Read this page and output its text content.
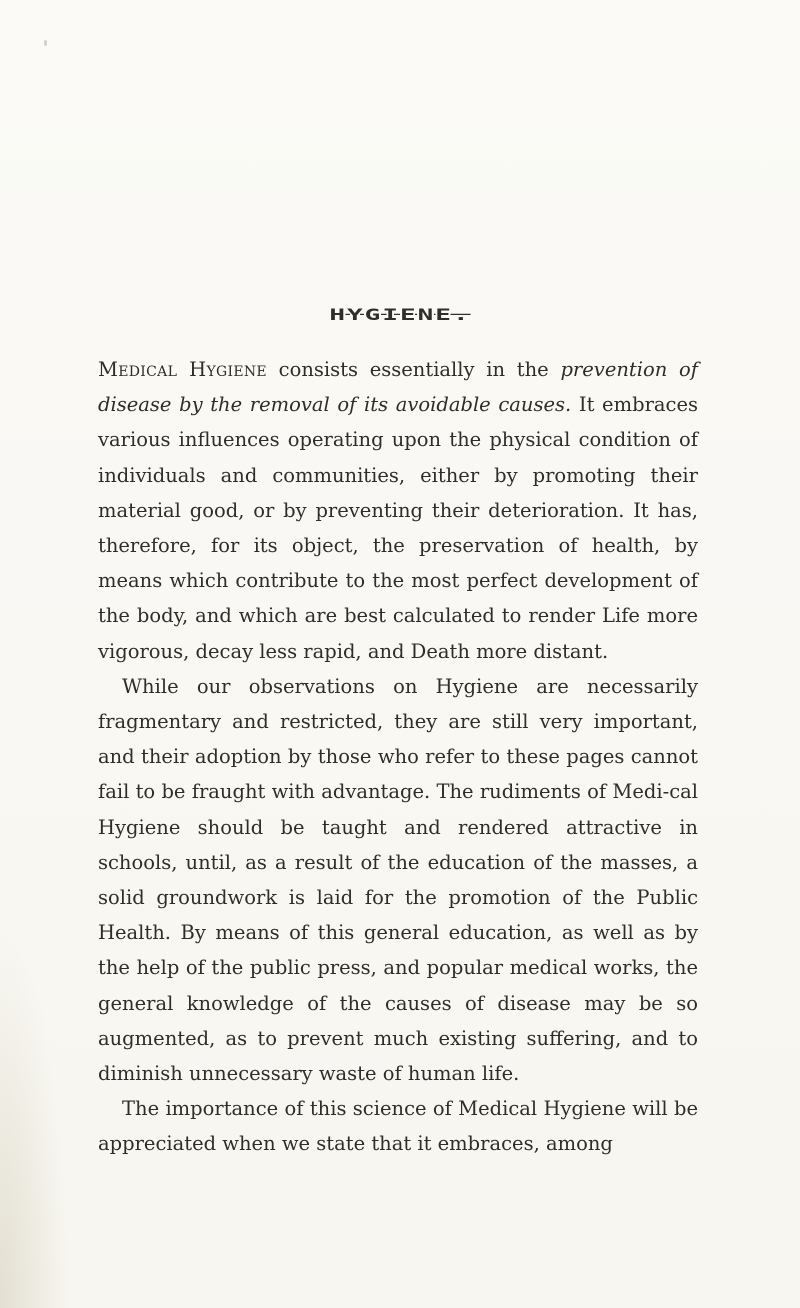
HYGIENE.

Medical Hygiene consists essentially in the prevention of disease by the removal of its avoidable causes. It embraces various influences operating upon the physical condition of individuals and communities, either by promoting their material good, or by preventing their deterioration. It has, therefore, for its object, the preservation of health, by means which contribute to the most perfect development of the body, and which are best calculated to render Life more vigorous, decay less rapid, and Death more distant.

While our observations on Hygiene are necessarily fragmentary and restricted, they are still very important, and their adoption by those who refer to these pages cannot fail to be fraught with advantage. The rudiments of Medi-cal Hygiene should be taught and rendered attractive in schools, until, as a result of the education of the masses, a solid groundwork is laid for the promotion of the Public Health. By means of this general education, as well as by the help of the public press, and popular medical works, the general knowledge of the causes of disease may be so augmented, as to prevent much existing suffering, and to diminish unnecessary waste of human life.

The importance of this science of Medical Hygiene will be appreciated when we state that it embraces, among
